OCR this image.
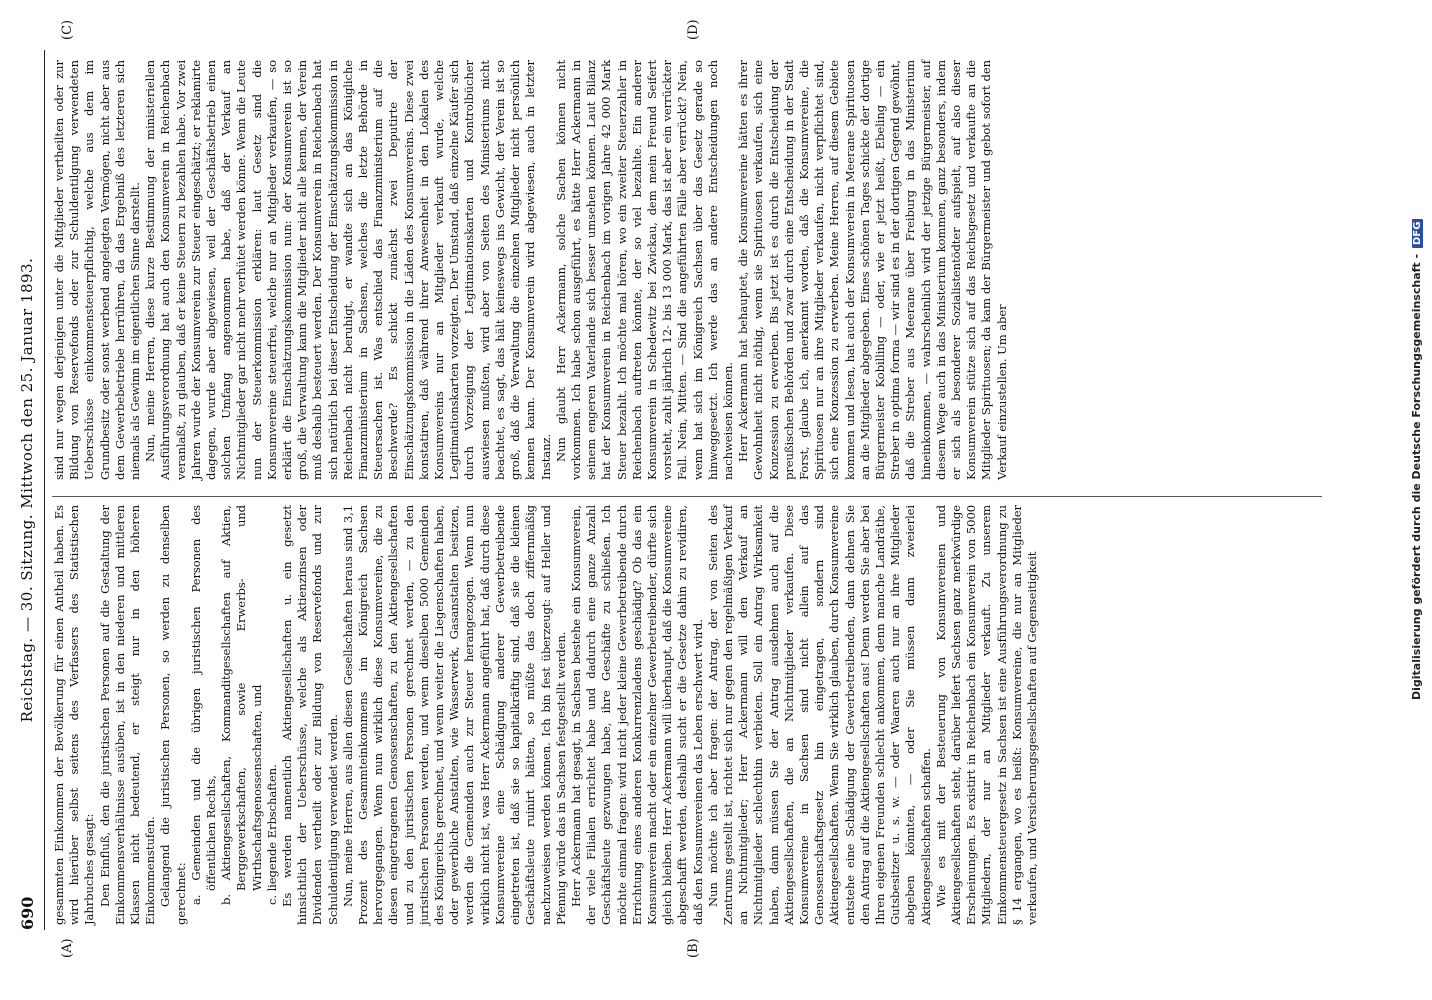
690
Reichstag. — 30. Sitzung. Mittwoch den 25. Januar 1893.
(A)	(B)
(C)	(D)

gesammten Einkommen der Bevölkerung für einen Antheil haben. Es wird hierüber selbst seitens des Verfassers des Statistischen Jahrbuches gesagt: Den Einfluß, den die juristischen Personen auf die Gestaltung der Einkommensverhältnisse ausüben, ist in den niederen und mittleren Klassen nicht bedeutend, er steigt nur in den höheren Einkommenstufen. Gelangend die juristischen Personen, so werden zu denselben gerechnet: a. Gemeinden und die übrigen juristischen Personen des öffentlichen Rechts, b. Aktiengesellschaften, Kommanditgesellschaften auf Aktien, Berggewerkschaften, sowie Erwerbs- und Wirthschaftsgenossenschaften, und c. liegende Erbschaften. Es werden namentlich Aktiengesellschaften u. ein gesetzt hinsichtlich der Ueberschüsse, welche als Aktienzinsen oder Dividenden vertheilt oder zur Bildung von Reservefonds und zur Schuldentilgung verwendet werden. Nun, meine Herren, aus allen diesen Gesellschaften heraus sind 3,1 Prozent des Gesammteinkommens im Königreich Sachsen hervorgegangen. Wenn nun wirklich diese Konsumvereine, die zu diesen eingetragenen Genossenschaften, zu den Aktiengesellschaften und zu den juristischen Personen gerechnet werden, — zu den juristischen Personen werden, und wenn dieselben 5000 Gemeinden des Königreichs gerechnet, und wenn weiter die Liegenschaften haben, oder gewerbliche Anstalten, wie Wasserwerk, Gasanstalten besitzen, werden die Gemeinden auch zur Steuer herangezogen. Wenn nun wirklich nicht ist, was Herr Ackermann angeführt hat, daß durch diese Konsumvereine eine Schädigung anderer Gewerbetreibende eingetreten ist, daß sie so kapitalkräftig sind, daß sie die kleinen Geschäftsleute ruinirt hätten, so müßte das doch ziffernmäßig nachzuweisen werden können. Ich bin fest überzeugt: auf Heller und Pfennig würde das in Sachsen festgestellt werden. Herr Ackermann hat gesagt, in Sachsen bestehe ein Konsumverein, der viele Filialen errichtet habe und dadurch eine ganze Anzahl Geschäftsleute gezwungen habe, ihre Geschäfte zu schließen. Ich möchte einmal fragen: wird nicht jeder kleine Gewerbetreibende durch Errichtung eines anderen Konkurrenzladens geschädigt? Ob das ein Konsumverein macht oder ein einzelner Gewerbetreibender, dürfte sich gleich bleiben. Herr Ackermann will überhaupt, daß die Konsumvereine abgeschafft werden, deshalb sucht er die Gesetze dahin zu revidiren, daß den Konsumvereinen das Leben erschwert wird. Nun möchte ich aber fragen: der Antrag, der von Seiten des Zentrums gestellt ist, richtet sich nur gegen den regelmäßigen Verkauf an Nichtmitglieder; Herr Ackermann will den Verkauf an Nichtmitglieder schlechthin verbieten. Soll ein Antrag Wirksamkeit haben, dann müssen Sie der Antrag ausdehnen auch auf die Aktiengesellschaften, die an Nichtmitglieder verkaufen. Diese Konsumvereine in Sachsen sind nicht allein auf das Genossenschaftsgesetz hin eingetragen, sondern sind Aktiengesellschaften. Wenn Sie wirklich glauben, durch Konsumvereine entstehe eine Schädigung der Gewerbetreibenden, dann dehnen Sie den Antrag auf die Aktiengesellschaften aus! Denn werden Sie aber bei Ihren eigenen Freunden schlecht ankommen, denn manche Landräthe, Gutsbesitzer u. s. w. — oder Waaren auch nur an ihre Mitglieder abgeben könnten, — oder Sie müssen dann zweierlei Aktiengesellschaften schaffen. Wie es mit der Besteuerung von Konsumvereinen und Aktiengesellschaften steht, darüber liefert Sachsen ganz merkwürdige Erscheinungen. Es existirt in Reichenbach ein Konsumverein von 5000 Mitgliedern, der nur an Mitglieder verkauft. Zu unserem Einkommensteuergesetz in Sachsen ist eine Ausführungsverordnung zu § 14 ergangen, wo es heißt: Konsumvereine, die nur an Mitglieder verkaufen, und Versicherungsgesellschaften auf Gegenseitigkeit

sind nur wegen derjenigen unter die Mitglieder vertheilten oder zur Bildung von Reservefonds oder zur Schuldentilgung verwendeten Ueberschüsse einkommensteuerpflichtig, welche aus dem im Grundbesitz oder sonst werbend angelegten Vermögen, nicht aber aus dem Gewerbebetriebe herrühren, da das Ergebniß des letzteren sich niemals als Gewinn im eigentlichen Sinne darstellt. Nun, meine Herren, diese kurze Bestimmung der ministeriellen Ausführungsverordnung hat auch den Konsumverein in Reichenbach veranlaßt, zu glauben, daß er keine Steuern zu bezahlen habe. Vor zwei Jahren wurde der Konsumverein zur Steuer eingeschätzt; er reklamirte dagegen, wurde aber abgewiesen, weil der Geschäftsbetrieb einen solchen Umfang angenommen habe, daß der Verkauf an Nichtmitglieder gar nicht mehr verhütet werden könne. Wenn die Leute nun der Steuerkommission erklären: laut Gesetz sind die Konsumvereine steuerfrei, welche nur an Mitglieder verkaufen, — so erklärt die Einschätzungskommission nun: der Konsumverein ist so groß, die Verwaltung kann die Mitglieder nicht alle kennen, der Verein muß deshalb besteuert werden. Der Konsumverein in Reichenbach hat sich natürlich bei dieser Entscheidung der Einschätzungskommission in Reichenbach nicht beruhigt, er wandte sich an das Königliche Finanzministerium in Sachsen, welches die letzte Behörde in Steuersachen ist. Was entschied das Finanzministerium auf die Beschwerde? Es schickt zunächst zwei Deputirte der Einschätzungskommission in die Läden des Konsumvereins. Diese zwei konstatiren, daß während ihrer Anwesenheit in den Lokalen des Konsumvereins nur an Mitglieder verkauft wurde, welche Legitimationskarten vorzeigten. Der Umstand, daß einzelne Käufer sich durch Vorzeigung der Legitimationskarten und Kontrolbücher auswiesen mußten, wird aber von Seiten des Ministeriums nicht beachtet, es sagt, das hält keineswegs ins Gewicht, der Verein ist so groß, daß die Verwaltung die einzelnen Mitglieder nicht persönlich kennen kann. Der Konsumverein wird abgewiesen, auch in letzter Instanz. Nun glaubt Herr Ackermann, solche Sachen können nicht vorkommen. Ich habe schon ausgeführt, es hätte Herr Ackermann in seinem engeren Vaterlande sich besser umsehen können. Laut Bilanz hat der Konsumverein in Reichenbach im vorigen Jahre 42 000 Mark Steuer bezahlt. Ich möchte mal hören, wo ein zweiter Steuerzahler in Reichenbach auftreten könnte, der so viel bezahlte. Ein anderer Konsumverein in Schedewitz bei Zwickau, dem mein Freund Seifert vorsteht, zahlt jährlich 12- bis 13 000 Mark, das ist aber ein verrückter Fall. Nein, Mitten. — Sind die angeführten Fälle aber verrückt? Nein, wenn hat sich im Königreich Sachsen über das Gesetz gerade so hinweggesetzt. Ich werde das an andere Entscheidungen noch nachweisen können. Herr Ackermann hat behauptet, die Konsumvereine hätten es ihrer Gewohnheit nicht nöthig, wenn sie Spirituosen verkaufen, sich eine Konzession zu erwerben. Bis jetzt ist es durch die Entscheidung der preußischen Behörden und zwar durch eine Entscheidung in der Stadt Forst, glaube ich, anerkannt worden, daß die Konsumvereine, die Spirituosen nur an ihre Mitglieder verkaufen, nicht verpflichtet sind, sich eine Konzession zu erwerben. Meine Herren, auf diesem Gebiete kommen und lesen, hat auch der Konsumverein in Meerane Spirituosen an die Mitglieder abgegeben. Eines schönen Tages schickte der dortige Bürgermeister Kobilling — oder, wie er jetzt heißt, Ebeling — ein Streber in optima forma — wir sind es in der dortigen Gegend gewöhnt, daß die Streber aus Meerane über Freiburg in das Ministerium hineinkommen, — wahrscheinlich wird der jetzige Bürgermeister, auf diesem Wege auch in das Ministerium kommen, ganz besonders, indem er sich als besonderer Sozialistentödter aufspielt, auf also dieser Konsumverein stütze sich auf das Reichsgesetz und verkaufte an die Mitglieder Spirituosen; da kam der Bürgermeister und gebot sofort den Verkauf einzustellen. Um aber	Digitalisierung gefördert durch die Deutsche Forschungsgemeinschaft -DFG
